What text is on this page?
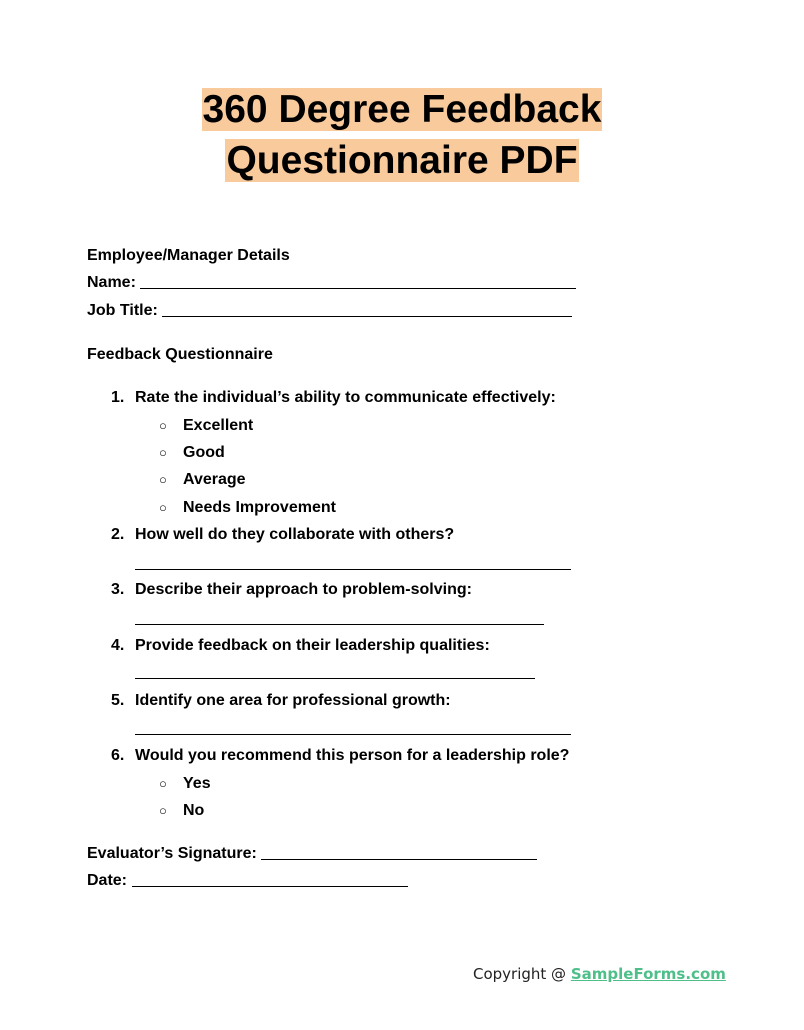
360 Degree Feedback
Questionnaire PDF
Employee/Manager Details
Name:
Job Title:
Feedback Questionnaire
1. Rate the individual’s ability to communicate effectively:
○ Excellent
○ Good
○ Average
○ Needs Improvement
2. How well do they collaborate with others?
3. Describe their approach to problem-solving:
4. Provide feedback on their leadership qualities:
5. Identify one area for professional growth:
6. Would you recommend this person for a leadership role?
○ Yes
○ No
Evaluator’s Signature:
Date:
Copyright @ SampleForms.com
